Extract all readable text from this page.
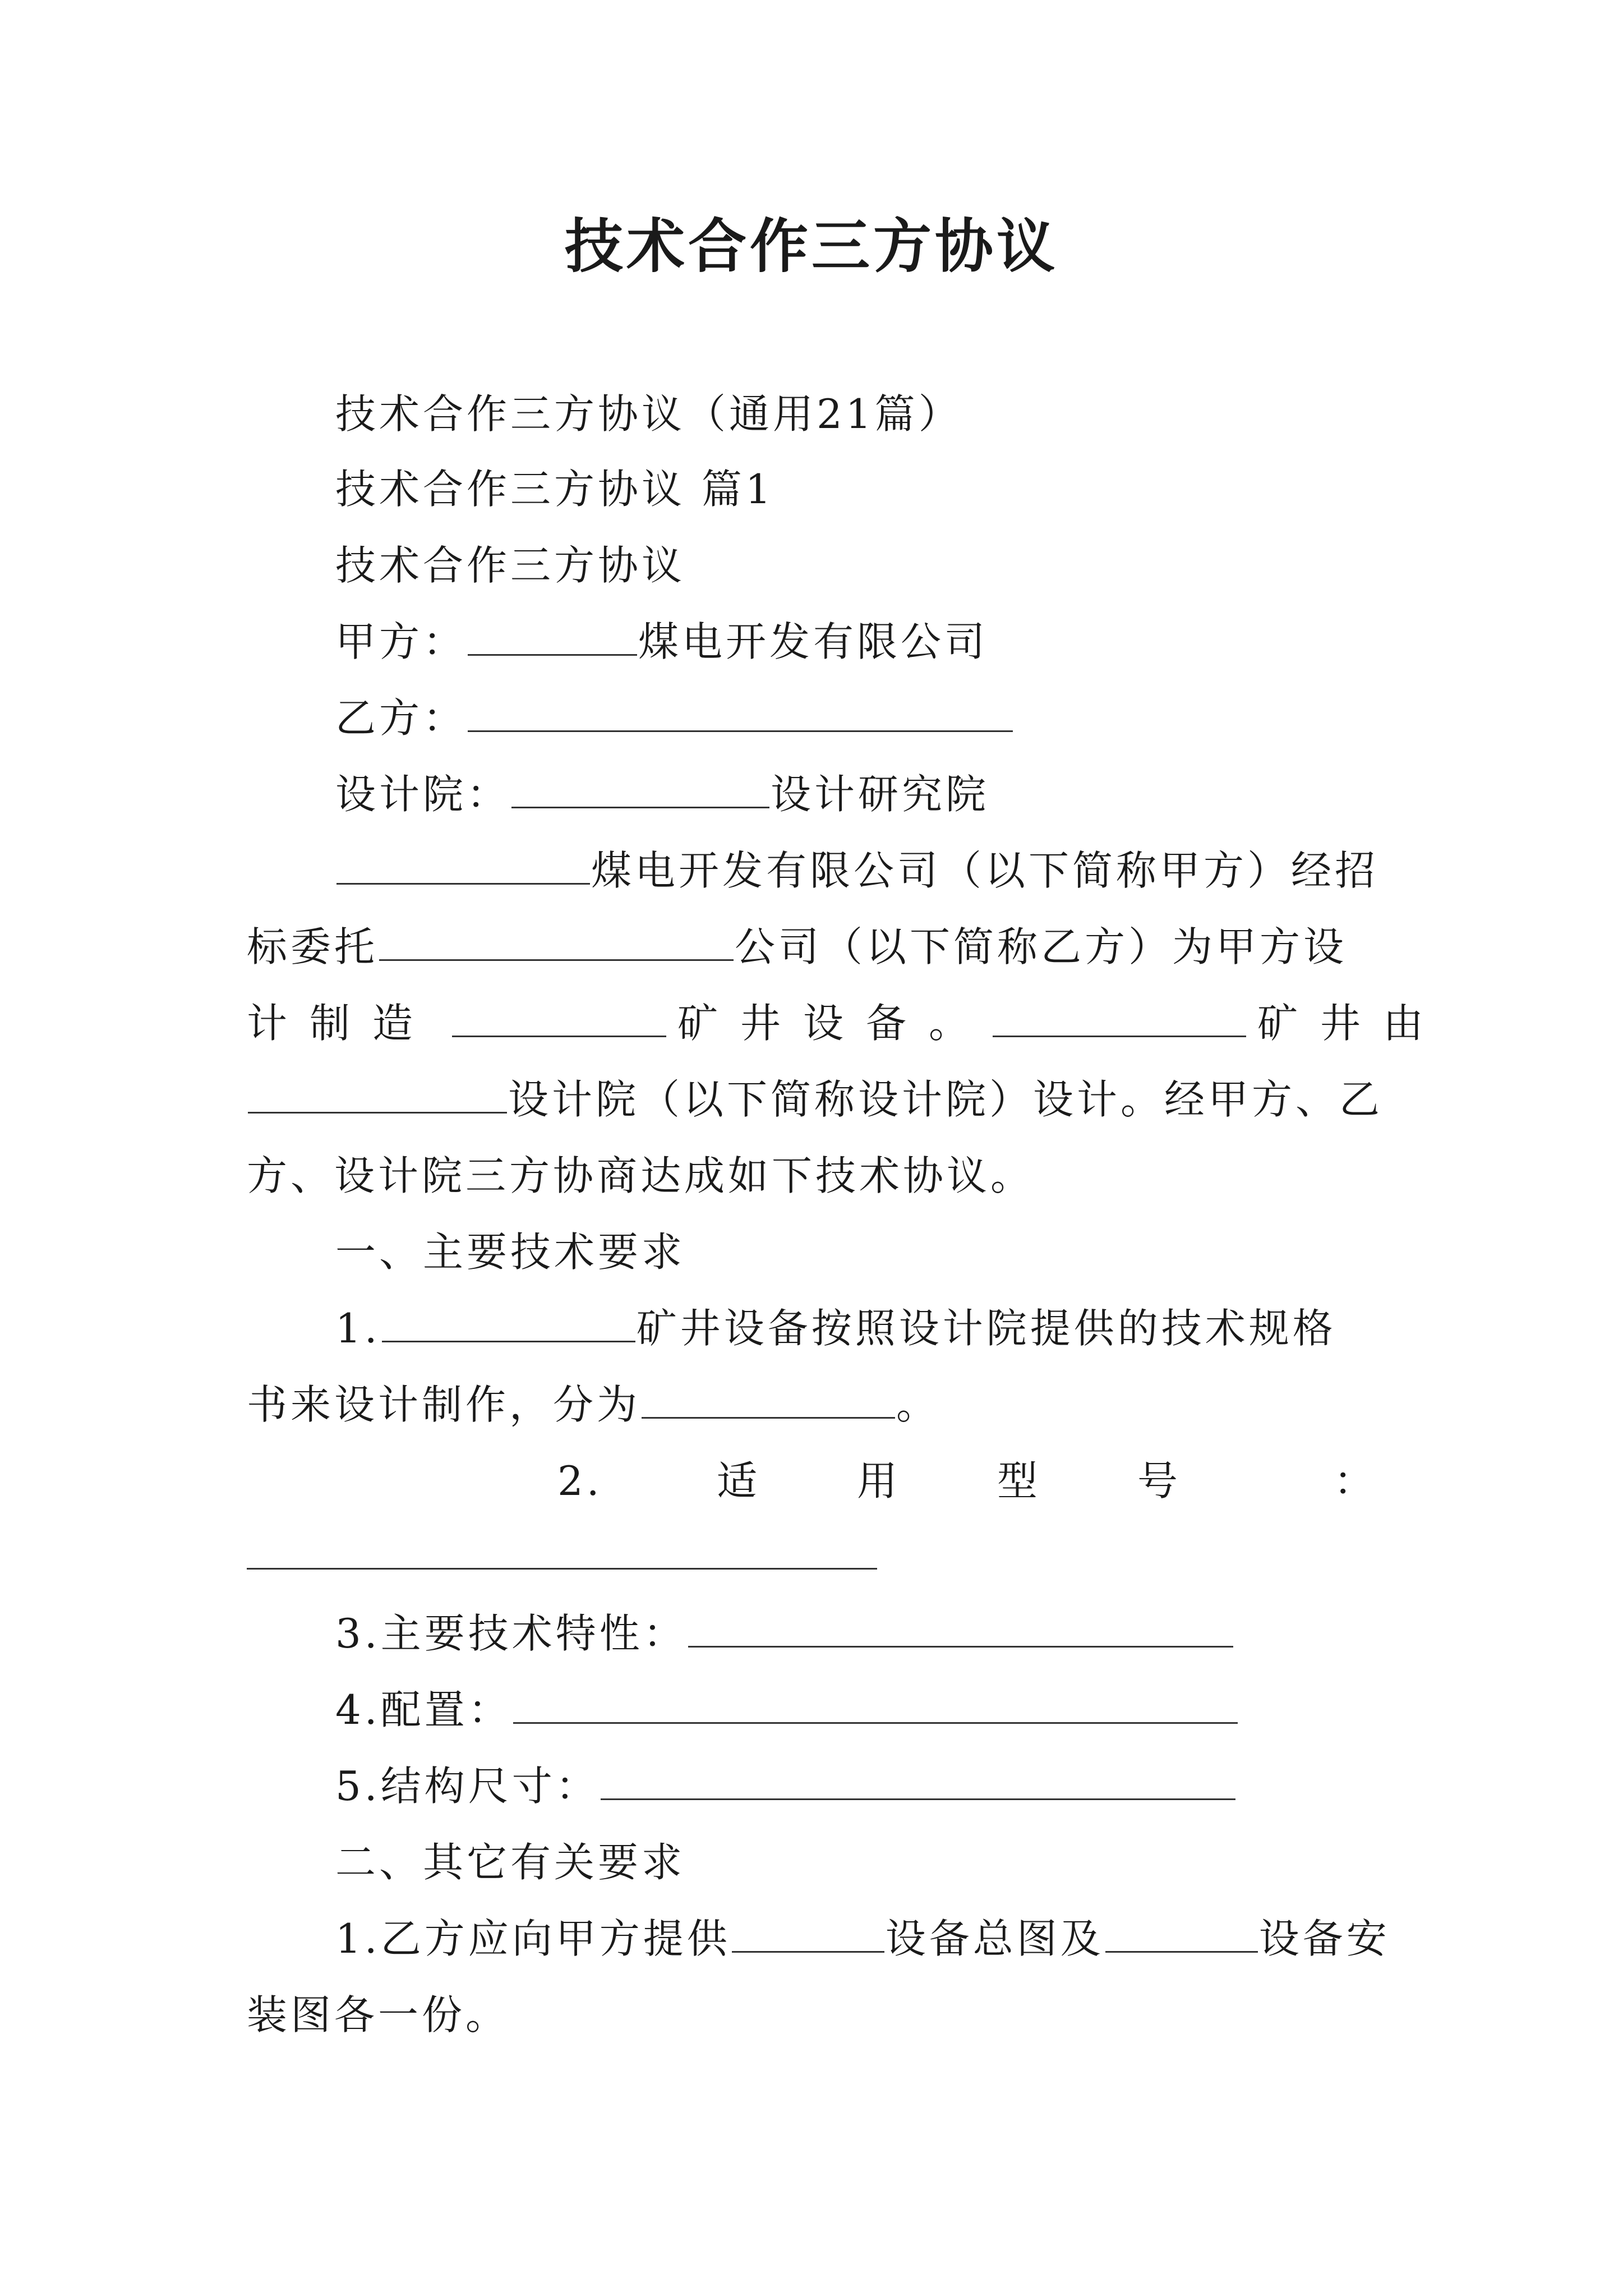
技术合作三方协议
技术合作三方协议（通用21篇）
技术合作三方协议 篇1
技术合作三方协议
甲方：	煤电开发有限公司
乙方：
设计院：	设计研究院
煤电开发有限公司（以下简称甲方）经招
标委托	公司（以下简称乙方）为甲方设
计制造	矿井设备。	矿井由
设计院（以下简称设计院）设计。经甲方、乙
方、设计院三方协商达成如下技术协议。
一、主要技术要求
1.	矿井设备按照设计院提供的技术规格
书来设计制作，分为	。
2.	适 用 型 号	：
3.主要技术特性：
4.配置：
5.结构尺寸：
二、其它有关要求
1.乙方应向甲方提供	设备总图及	设备安
装图各一份。
